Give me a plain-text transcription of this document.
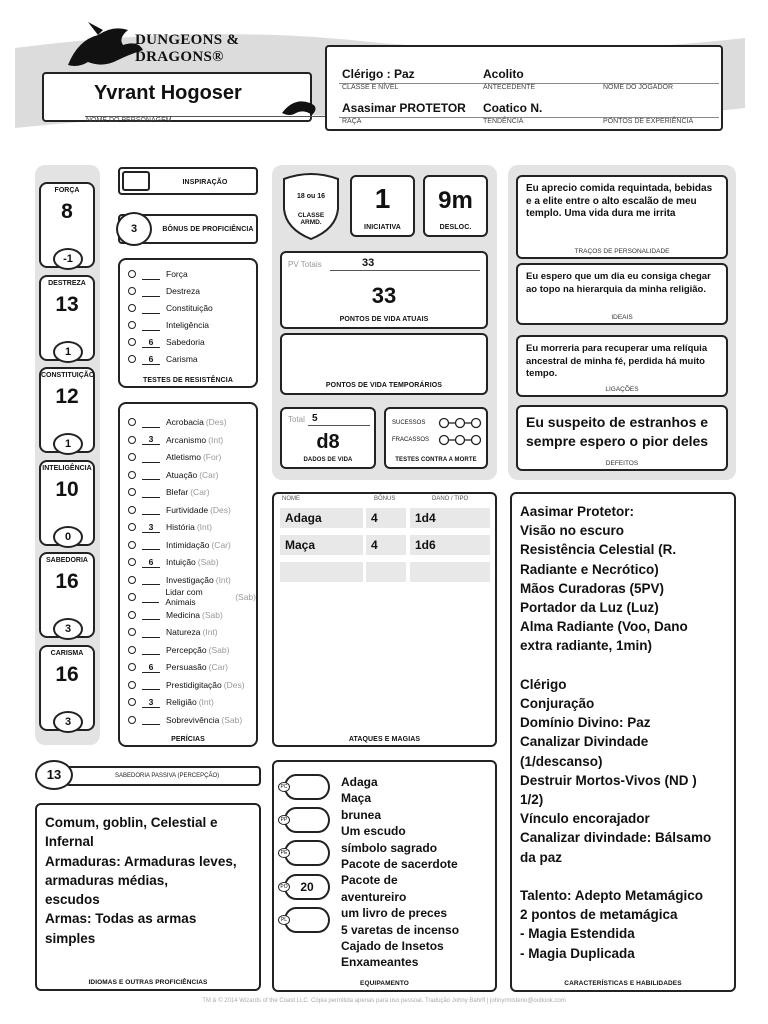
DUNGEONS & DRAGONS®
Yvrant Hogoser
NOME DO PERSONAGEM
Clérigo : Paz
CLASSE E NÍVEL
Acolito
ANTECEDENTE	NOME DO JOGADOR
Asasimar PROTETOR
RAÇA
Coatico N.
TENDÊNCIA	PONTOS DE EXPERIÊNCIA
FORÇA
8
-1
DESTREZA
13
1
CONSTITUIÇÃO
12
1
INTELIGÊNCIA
10
0
SABEDORIA
16
3
CARISMA
16
3
INSPIRAÇÃO
BÔNUS DE PROFICIÊNCIA
3
Força
Destreza
Constituição
Inteligência
6	Sabedoria
6	Carisma
TESTES DE RESISTÊNCIA
Acrobacia (Des)
3	Arcanismo (Int)
Atletismo (For)
Atuação (Car)
Blefar (Car)
Furtividade (Des)
3	História (Int)
Intimidação (Car)
6	Intuição (Sab)
Investigação (Int)
Lidar com Animais	(Sab)
Medicina (Sab)
Natureza (Int)
Percepção (Sab)
6	Persuasão (Car)
Prestidigitação (Des)
3	Religião (Int)
Sobrevivência (Sab)
PERÍCIAS
18 ou 16
CLASSE ARMD.
1
INICIATIVA
9m
DESLOC.
PV Totais	33
33
PONTOS DE VIDA ATUAIS
PONTOS DE VIDA TEMPORÁRIOS
Total 5
d8
DADOS DE VIDA
SUCESSOS
FRACASSOS
TESTES CONTRA A MORTE
Eu aprecio comida requintada, bebidas e a elite entre o alto escalão de meu templo. Uma vida dura me irrita
TRAÇOS DE PERSONALIDADE
Eu espero que um dia eu consiga chegar ao topo na hierarquia da minha religião.
IDEAIS
Eu morreria para recuperar uma relíquia ancestral de minha fé, perdida há muito tempo.
LIGAÇÕES
Eu suspeito de estranhos e sempre espero o pior deles
DEFEITOS
NOME	BÔNUS	DANO / TIPO
Adaga	4	1d4
Maça	4	1d6
ATAQUES E MAGIAS
Aasimar Protetor:
Visão no escuro
Resistência Celestial (R.
Radiante e Necrótico)
Mãos Curadoras (5PV)
Portador da Luz (Luz)
Alma Radiante (Voo, Dano
extra radiante, 1min)

Clérigo
Conjuração
Domínio Divino: Paz
Canalizar Divindade
(1/descanso)
Destruir Mortos-Vivos (ND )
1/2)
Vínculo encorajador
Canalizar divindade: Bálsamo
da paz

Talento: Adepto Metamágico
2 pontos de metamágica
- Magia Estendida
- Magia Duplicada
CARACTERÍSTICAS E HABILIDADES
SABEDORIA PASSIVA (PERCEPÇÃO)
13
Comum, goblin, Celestial e
Infernal
Armaduras: Armaduras leves,
armaduras médias,
escudos
Armas: Todas as armas
simples
IDIOMAS E OUTRAS PROFICIÊNCIAS
PC
PP
PE
20
PO
PL
Adaga
Maça
brunea
Um escudo
símbolo sagrado
Pacote de sacerdote
Pacote de
aventureiro
um livro de preces
5 varetas de incenso
Cajado de Insetos
Enxameantes
EQUIPAMENTO
TM & © 2014 Wizards of the Coast LLC. Cópia permitida apenas para uso pessoal. Tradução Johny Bahrfl | johnyrmisterio@outlook.com
